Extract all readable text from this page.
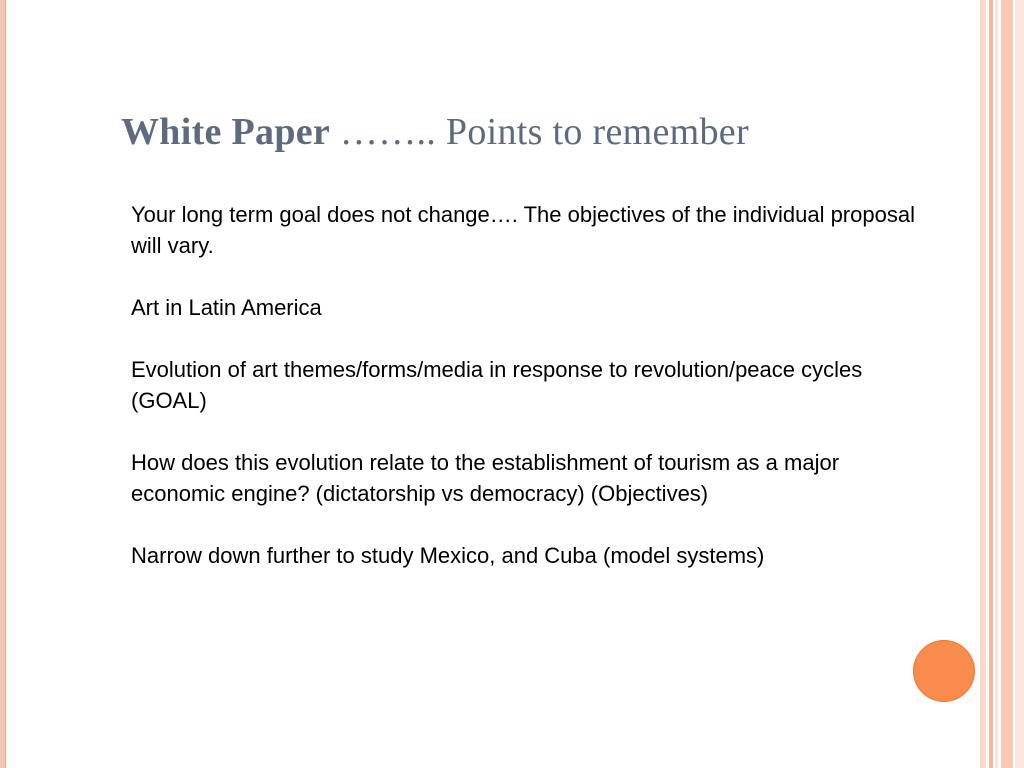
White Paper …….. Points to remember

Your long term goal does not change…. The objectives of the individual proposal will vary.

Art in Latin America

Evolution of art themes/forms/media in response to revolution/peace cycles (GOAL)

How does this evolution relate to the establishment of tourism as a major economic engine? (dictatorship vs democracy) (Objectives)

Narrow down further to study Mexico, and Cuba (model systems)
